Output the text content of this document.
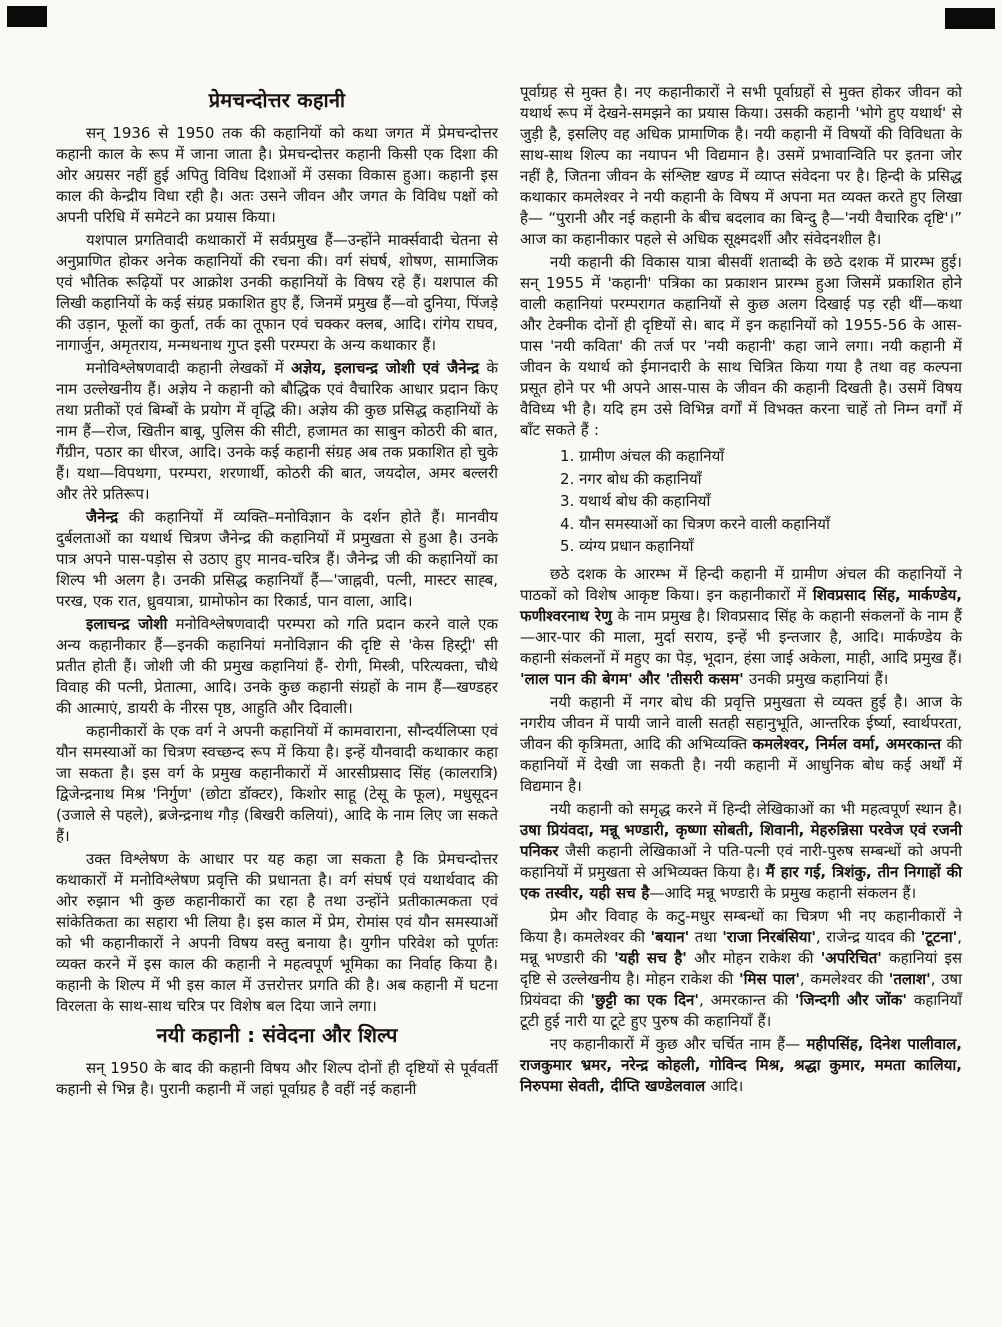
प्रेमचन्दोत्तर कहानी

सन् 1936 से 1950 तक की कहानियों को कथा जगत में प्रेमचन्दोत्तर कहानी काल के रूप में जाना जाता है। प्रेमचन्दोत्तर कहानी किसी एक दिशा की ओर अग्रसर नहीं हुई अपितु विविध दिशाओं में उसका विकास हुआ। कहानी इस काल की केन्द्रीय विधा रही है। अतः उसने जीवन और जगत के विविध पक्षों को अपनी परिधि में समेटने का प्रयास किया।

यशपाल प्रगतिवादी कथाकारों में सर्वप्रमुख हैं—उन्होंने मार्क्सवादी चेतना से अनुप्राणित होकर अनेक कहानियों की रचना की। वर्ग संघर्ष, शोषण, सामाजिक एवं भौतिक रूढ़ियों पर आक्रोश उनकी कहानियों के विषय रहे हैं। यशपाल की लिखी कहानियों के कई संग्रह प्रकाशित हुए हैं, जिनमें प्रमुख हैं—वो दुनिया, पिंजड़े की उड़ान, फूलों का कुर्ता, तर्क का तूफान एवं चक्कर क्लब, आदि। रांगेय राघव, नागार्जुन, अमृतराय, मन्मथनाथ गुप्त इसी परम्परा के अन्य कथाकार हैं।

मनोविश्लेषणवादी कहानी लेखकों में अज्ञेय, इलाचन्द्र जोशी एवं जैनेन्द्र के नाम उल्लेखनीय हैं। अज्ञेय ने कहानी को बौद्धिक एवं वैचारिक आधार प्रदान किए तथा प्रतीकों एवं बिम्बों के प्रयोग में वृद्धि की। अज्ञेय की कुछ प्रसिद्ध कहानियों के नाम हैं—रोज, खितीन बाबू, पुलिस की सीटी, हजामत का साबुन कोठरी की बात, गैंग्रीन, पठार का धीरज, आदि। उनके कई कहानी संग्रह अब तक प्रकाशित हो चुके हैं। यथा—विपथगा, परम्परा, शरणार्थी, कोठरी की बात, जयदोल, अमर बल्लरी और तेरे प्रतिरूप।

जैनेन्द्र की कहानियों में व्यक्ति–मनोविज्ञान के दर्शन होते हैं। मानवीय दुर्बलताओं का यथार्थ चित्रण जैनेन्द्र की कहानियों में प्रमुखता से हुआ है। उनके पात्र अपने पास-पड़ोस से उठाए हुए मानव-चरित्र हैं। जैनेन्द्र जी की कहानियों का शिल्प भी अलग है। उनकी प्रसिद्ध कहानियाँ हैं—'जाह्नवी, पत्नी, मास्टर साह्ब, परख, एक रात, ध्रुवयात्रा, ग्रामोफोन का रिकार्ड, पान वाला, आदि।

इलाचन्द्र जोशी मनोविश्लेषणवादी परम्परा को गति प्रदान करने वाले एक अन्य कहानीकार हैं—इनकी कहानियां मनोविज्ञान की दृष्टि से 'केस हिस्ट्री' सी प्रतीत होती हैं। जोशी जी की प्रमुख कहानियां हैं- रोगी, मिस्त्री, परित्यक्ता, चौथे विवाह की पत्नी, प्रेतात्मा, आदि। उनके कुछ कहानी संग्रहों के नाम हैं—खण्डहर की आत्माएं, डायरी के नीरस पृष्ठ, आहुति और दिवाली।

कहानीकारों के एक वर्ग ने अपनी कहानियों में कामवाराना, सौन्दर्यलिप्सा एवं यौन समस्याओं का चित्रण स्वच्छन्द रूप में किया है। इन्हें यौनवादी कथाकार कहा जा सकता है। इस वर्ग के प्रमुख कहानीकारों में आरसीप्रसाद सिंह (कालरात्रि) द्विजेन्द्रनाथ मिश्र 'निर्गुण' (छोटा डॉक्टर), किशोर साहू (टेसू के फूल), मधुसूदन (उजाले से पहले), ब्रजेन्द्रनाथ गौड़ (बिखरी कलियां), आदि के नाम लिए जा सकते हैं।

उक्त विश्लेषण के आधार पर यह कहा जा सकता है कि प्रेमचन्दोत्तर कथाकारों में मनोविश्लेषण प्रवृत्ति की प्रधानता है। वर्ग संघर्ष एवं यथार्थवाद की ओर रुझान भी कुछ कहानीकारों का रहा है तथा उन्होंने प्रतीकात्मकता एवं सांकेतिकता का सहारा भी लिया है। इस काल में प्रेम, रोमांस एवं यौन समस्याओं को भी कहानीकारों ने अपनी विषय वस्तु बनाया है। युगीन परिवेश को पूर्णतः व्यक्त करने में इस काल की कहानी ने महत्वपूर्ण भूमिका का निर्वाह किया है। कहानी के शिल्प में भी इस काल में उत्तरोत्तर प्रगति की है। अब कहानी में घटना विरलता के साथ-साथ चरित्र पर विशेष बल दिया जाने लगा।

नयी कहानी : संवेदना और शिल्प

सन् 1950 के बाद की कहानी विषय और शिल्प दोनों ही दृष्टियों से पूर्ववर्ती कहानी से भिन्न है। पुरानी कहानी में जहां पूर्वाग्रह है वहीं नई कहानी

पूर्वाग्रह से मुक्त है। नए कहानीकारों ने सभी पूर्वाग्रहों से मुक्त होकर जीवन को यथार्थ रूप में देखने-समझने का प्रयास किया। उसकी कहानी 'भोगे हुए यथार्थ' से जुड़ी है, इसलिए वह अधिक प्रामाणिक है। नयी कहानी में विषयों की विविधता के साथ-साथ शिल्प का नयापन भी विद्यमान है। उसमें प्रभावान्विति पर इतना जोर नहीं है, जितना जीवन के संश्लिष्ट खण्ड में व्याप्त संवेदना पर है। हिन्दी के प्रसिद्ध कथाकार कमलेश्वर ने नयी कहानी के विषय में अपना मत व्यक्त करते हुए लिखा है— “पुरानी और नई कहानी के बीच बदलाव का बिन्दु है—'नयी वैचारिक दृष्टि'।” आज का कहानीकार पहले से अधिक सूक्ष्मदर्शी और संवेदनशील है।

नयी कहानी की विकास यात्रा बीसवीं शताब्दी के छठे दशक में प्रारम्भ हुई। सन् 1955 में 'कहानी' पत्रिका का प्रकाशन प्रारम्भ हुआ जिसमें प्रकाशित होने वाली कहानियां परम्परागत कहानियों से कुछ अलग दिखाई पड़ रही थीं—कथा और टेक्नीक दोनों ही दृष्टियों से। बाद में इन कहानियों को 1955-56 के आस-पास 'नयी कविता' की तर्ज पर 'नयी कहानी' कहा जाने लगा। नयी कहानी में जीवन के यथार्थ को ईमानदारी के साथ चित्रित किया गया है तथा वह कल्पना प्रसूत होने पर भी अपने आस-पास के जीवन की कहानी दिखती है। उसमें विषय वैविध्य भी है। यदि हम उसे विभिन्न वर्गों में विभक्त करना चाहें तो निम्न वर्गों में बाँट सकते हैं :

1. ग्रामीण अंचल की कहानियाँ
2. नगर बोध की कहानियाँ
3. यथार्थ बोध की कहानियाँ
4. यौन समस्याओं का चित्रण करने वाली कहानियाँ
5. व्यंग्य प्रधान कहानियाँ

छठे दशक के आरम्भ में हिन्दी कहानी में ग्रामीण अंचल की कहानियों ने पाठकों को विशेष आकृष्ट किया। इन कहानीकारों में शिवप्रसाद सिंह, मार्कण्डेय, फणीश्वरनाथ रेणु के नाम प्रमुख है। शिवप्रसाद सिंह के कहानी संकलनों के नाम हैं—आर-पार की माला, मुर्दा सराय, इन्हें भी इन्तजार है, आदि। मार्कण्डेय के कहानी संकलनों में महुए का पेड़, भूदान, हंसा जाई अकेला, माही, आदि प्रमुख हैं। 'लाल पान की बेगम' और 'तीसरी कसम' उनकी प्रमुख कहानियां हैं।

नयी कहानी में नगर बोध की प्रवृत्ति प्रमुखता से व्यक्त हुई है। आज के नगरीय जीवन में पायी जाने वाली सतही सहानुभूति, आन्तरिक ईर्ष्या, स्वार्थपरता, जीवन की कृत्रिमता, आदि की अभिव्यक्ति कमलेश्वर, निर्मल वर्मा, अमरकान्त की कहानियों में देखी जा सकती है। नयी कहानी में आधुनिक बोध कई अर्थों में विद्यमान है।

नयी कहानी को समृद्ध करने में हिन्दी लेखिकाओं का भी महत्वपूर्ण स्थान है। उषा प्रियंवदा, मन्नू भण्डारी, कृष्णा सोबती, शिवानी, मेहरुन्निसा परवेज एवं रजनी पनिकर जैसी कहानी लेखिकाओं ने पति-पत्नी एवं नारी-पुरुष सम्बन्धों को अपनी कहानियों में प्रमुखता से अभिव्यक्त किया है। मैं हार गई, त्रिशंकु, तीन निगाहों की एक तस्वीर, यही सच है—आदि मन्नू भण्डारी के प्रमुख कहानी संकलन हैं।

प्रेम और विवाह के कटु-मधुर सम्बन्धों का चित्रण भी नए कहानीकारों ने किया है। कमलेश्वर की 'बयान' तथा 'राजा निरबंसिया', राजेन्द्र यादव की 'टूटना', मन्नू भण्डारी की 'यही सच है' और मोहन राकेश की 'अपरिचित' कहानियां इस दृष्टि से उल्लेखनीय है। मोहन राकेश की 'मिस पाल', कमलेश्वर की 'तलाश', उषा प्रियंवदा की 'छुट्टी का एक दिन', अमरकान्त की 'जिन्दगी और जोंक' कहानियाँ टूटी हुई नारी या टूटे हुए पुरुष की कहानियाँ हैं।

नए कहानीकारों में कुछ और चर्चित नाम हैं— महीपसिंह, दिनेश पालीवाल, राजकुमार भ्रमर, नरेन्द्र कोहली, गोविन्द मिश्र, श्रद्धा कुमार, ममता कालिया, निरुपमा सेवती, दीप्ति खण्डेलवाल आदि।
